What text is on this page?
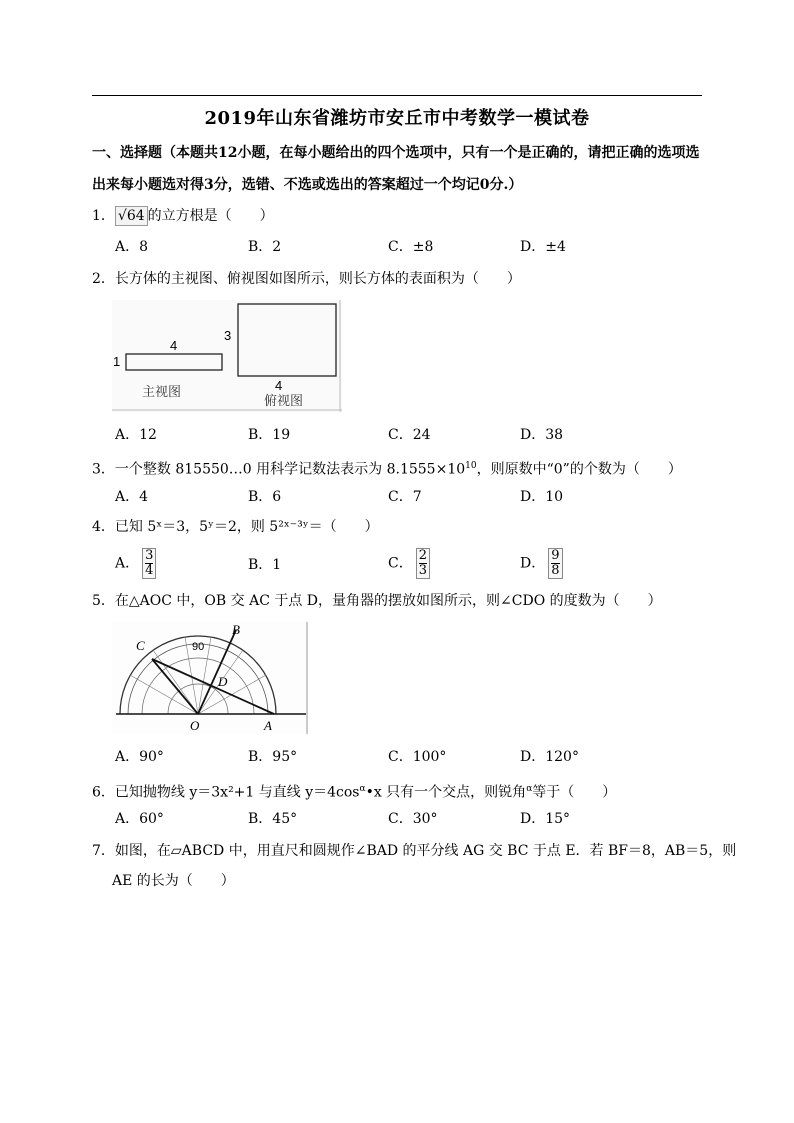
2019年山东省潍坊市安丘市中考数学一模试卷
一、选择题（本题共12小题，在每小题给出的四个选项中，只有一个是正确的，请把正确的选项选
出来每小题选对得3分，选错、不选或选出的答案超过一个均记0分.）
1． √64 的立方根是（　　）
A．8	B．2	C．±8	D．±4
2．长方体的主视图、俯视图如图所示，则长方体的表面积为（　　）
4
1
3
4
主视图
俯视图
A．12	B．19	C．24	D．38
3．一个整数 815550…0 用科学记数法表示为 $8.1555\times 10^{10}$，则原数中“0”的个数为（　　）
A．4	B．6	C．7	D．10
4．已知 5ˣ＝3，5ʸ＝2，则 5²ˣ⁻³ʸ＝（　　）
A． $\frac{3}{4}$	B．1	C． $\frac{2}{3}$	D． $\frac{9}{8}$
5．在△AOC 中，OB 交 AC 于点 D，量角器的摆放如图所示，则∠CDO 的度数为（　　）
90
C
B
D
O	A
A．90°	B．95°	C．100°	D．120°
6．已知抛物线 y＝3x²+1 与直线 $y=4\cos^\alpha•x$ 只有一个交点，则锐角$^\alpha$等于（　　）
A．60°	B．45°	C．30°	D．15°
7．如图，在▱ABCD 中，用直尺和圆规作∠BAD 的平分线 AG 交 BC 于点 E．若 BF＝8，AB＝5，则
AE 的长为（　　）
